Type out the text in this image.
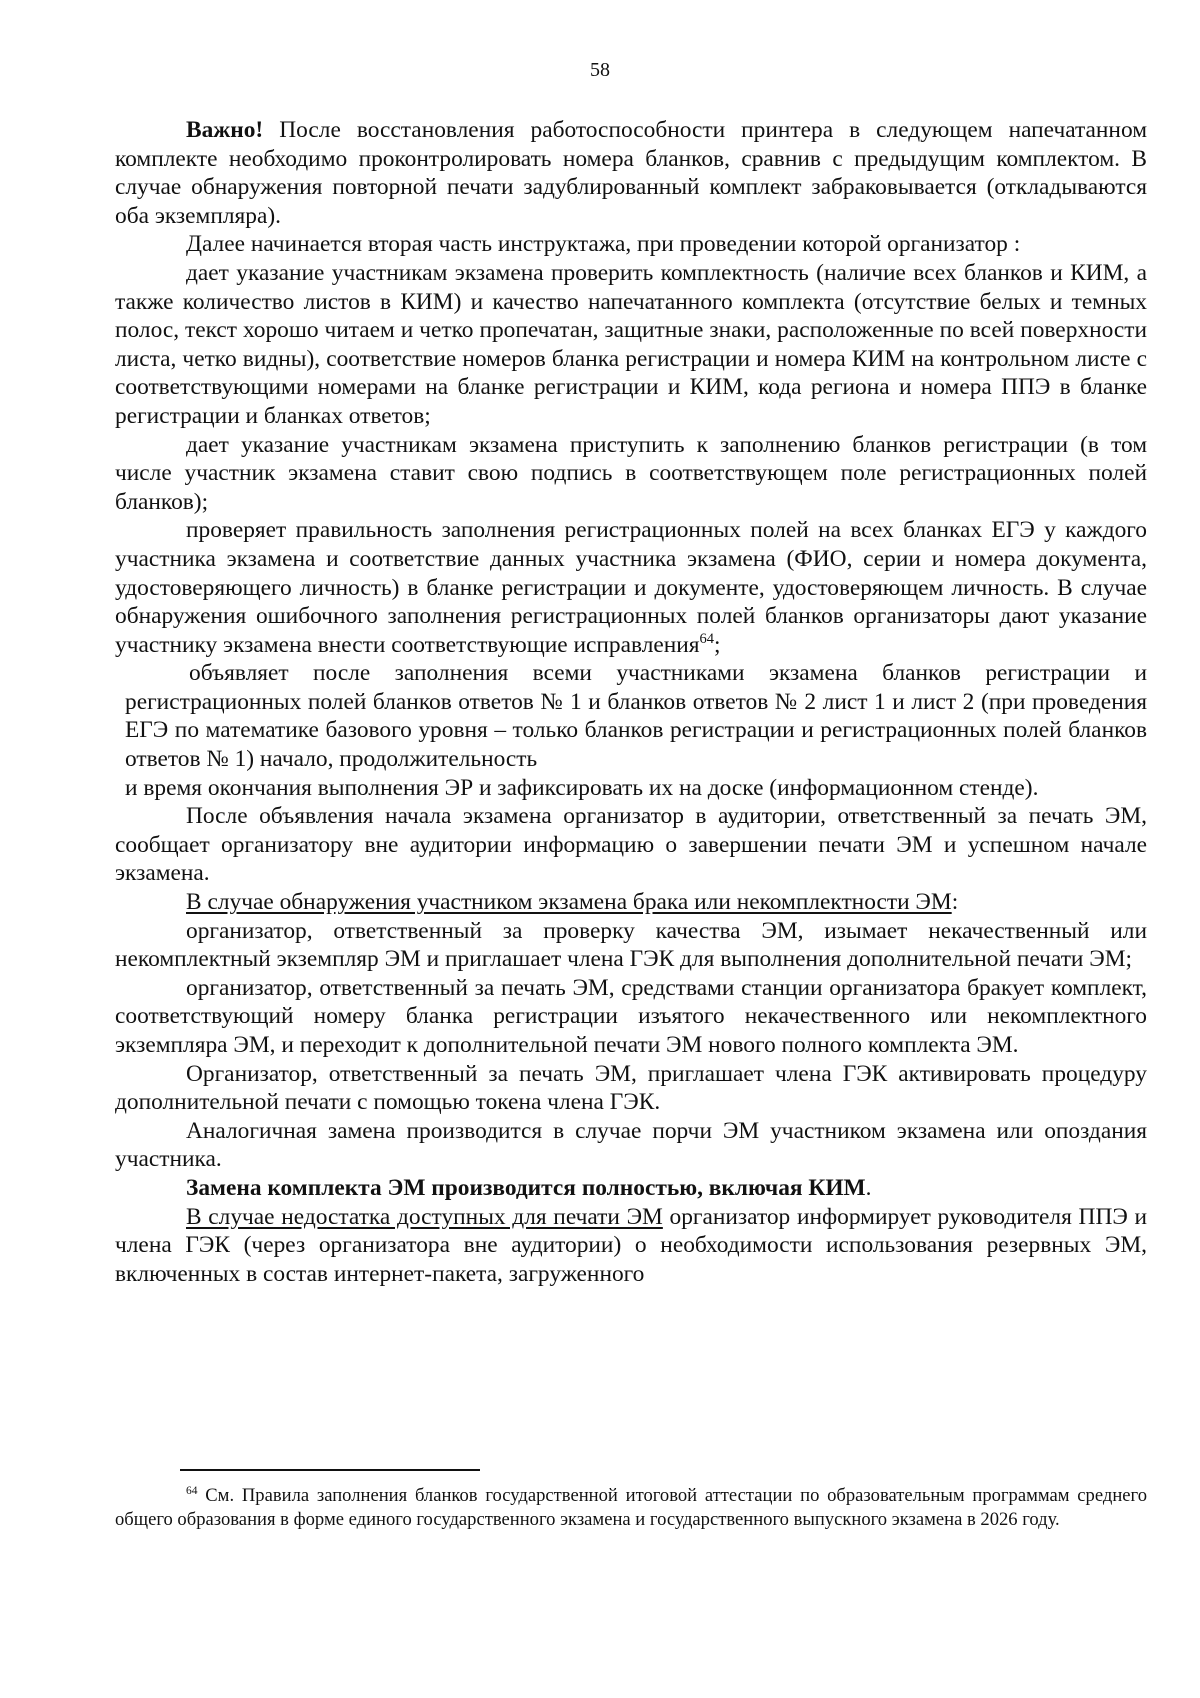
58

Важно! После восстановления работоспособности принтера в следующем напечатанном комплекте необходимо проконтролировать номера бланков, сравнив с предыдущим комплектом. В случае обнаружения повторной печати задублированный комплект забраковывается (откладываются оба экземпляра).

Далее начинается вторая часть инструктажа, при проведении которой организатор :

дает указание участникам экзамена проверить комплектность (наличие всех бланков и КИМ, а также количество листов в КИМ) и качество напечатанного комплекта (отсутствие белых и темных полос, текст хорошо читаем и четко пропечатан, защитные знаки, расположенные по всей поверхности листа, четко видны), соответствие номеров бланка регистрации и номера КИМ на контрольном листе с соответствующими номерами на бланке регистрации и КИМ, кода региона и номера ППЭ в бланке регистрации и бланках ответов;

дает указание участникам экзамена приступить к заполнению бланков регистрации (в том числе участник экзамена ставит свою подпись в соответствующем поле регистрационных полей бланков);

проверяет правильность заполнения регистрационных полей на всех бланках ЕГЭ у каждого участника экзамена и соответствие данных участника экзамена (ФИО, серии и номера документа, удостоверяющего личность) в бланке регистрации и документе, удостоверяющем личность. В случае обнаружения ошибочного заполнения регистрационных полей бланков организаторы дают указание участнику экзамена внести соответствующие исправления$^{64}$;

объявляет после заполнения всеми участниками экзамена бланков регистрации и регистрационных полей бланков ответов № 1 и бланков ответов № 2 лист 1 и лист 2 (при проведения ЕГЭ по математике базового уровня – только бланков регистрации и регистрационных полей бланков ответов № 1) начало, продолжительность

и время окончания выполнения ЭР и зафиксировать их на доске (информационном стенде).

После объявления начала экзамена организатор в аудитории, ответственный за печать ЭМ, сообщает организатору вне аудитории информацию о завершении печати ЭМ и успешном начале экзамена.

В случае обнаружения участником экзамена брака или некомплектности ЭМ:

организатор, ответственный за проверку качества ЭМ, изымает некачественный или некомплектный экземпляр ЭМ и приглашает члена ГЭК для выполнения дополнительной печати ЭМ;

организатор, ответственный за печать ЭМ, средствами станции организатора бракует комплект, соответствующий номеру бланка регистрации изъятого некачественного или некомплектного экземпляра ЭМ, и переходит к дополнительной печати ЭМ нового полного комплекта ЭМ.

Организатор, ответственный за печать ЭМ, приглашает члена ГЭК активировать процедуру дополнительной печати с помощью токена члена ГЭК.

Аналогичная замена производится в случае порчи ЭМ участником экзамена или опоздания участника.

Замена комплекта ЭМ производится полностью, включая КИМ.

В случае недостатка доступных для печати ЭМ организатор информирует руководителя ППЭ и члена ГЭК (через организатора вне аудитории) о необходимости использования резервных ЭМ, включенных в состав интернет-пакета, загруженного

$^{64}$ См. Правила заполнения бланков государственной итоговой аттестации по образовательным программам среднего общего образования в форме единого государственного экзамена и государственного выпускного экзамена в 2026 году.
